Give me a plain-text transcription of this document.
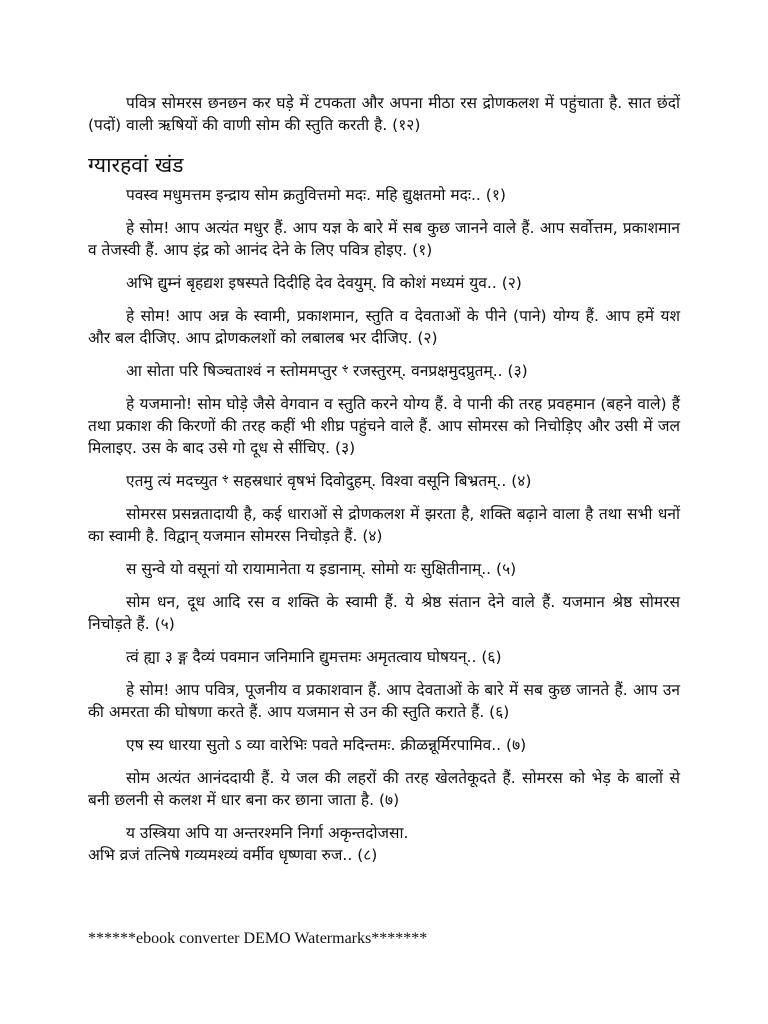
पवित्र सोमरस छनछन कर घड़े में टपकता और अपना मीठा रस द्रोणकलश में पहुंचाता है. सात छंदों (पदों) वाली ऋषियों की वाणी सोम की स्तुति करती है. (१२)

ग्यारहवां खंड

पवस्व मधुमत्तम इन्द्राय सोम क्रतुवित्तमो मदः. महि द्युक्षतमो मदः.. (१)

हे सोम! आप अत्यंत मधुर हैं. आप यज्ञ के बारे में सब कुछ जानने वाले हैं. आप सर्वोत्तम, प्रकाशमान व तेजस्वी हैं. आप इंद्र को आनंद देने के लिए पवित्र होइए. (१)

अभि द्युम्नं बृहद्यश इषस्पते दिदीहि देव देवयुम्. वि कोशं मध्यमं युव.. (२)

हे सोम! आप अन्न के स्वामी, प्रकाशमान, स्तुति व देवताओं के पीने (पाने) योग्य हैं. आप हमें यश और बल दीजिए. आप द्रोणकलशों को लबालब भर दीजिए. (२)

आ सोता परि षिञ्चताश्वं न स्तोममप्तुर ꣳ रजस्तुरम्. वनप्रक्षमुदप्रुतम्.. (३)

हे यजमानो! सोम घोड़े जैसे वेगवान व स्तुति करने योग्य हैं. वे पानी की तरह प्रवहमान (बहने वाले) हैं तथा प्रकाश की किरणों की तरह कहीं भी शीघ्र पहुंचने वाले हैं. आप सोमरस को निचोड़िए और उसी में जल मिलाइए. उस के बाद उसे गो दूध से सींचिए. (३)

एतमु त्यं मदच्युत ꣳ सहस्रधारं वृषभं दिवोदुहम्. विश्वा वसूनि बिभ्रतम्.. (४)

सोमरस प्रसन्नतादायी है, कई धाराओं से द्रोणकलश में झरता है, शक्ति बढ़ाने वाला है तथा सभी धनों का स्वामी है. विद्वान् यजमान सोमरस निचोड़ते हैं. (४)

स सुन्वे यो वसूनां यो रायामानेता य इडानाम्. सोमो यः सुक्षितीनाम्.. (५)

सोम धन, दूध आदि रस व शक्ति के स्वामी हैं. ये श्रेष्ठ संतान देने वाले हैं. यजमान श्रेष्ठ सोमरस निचोड़ते हैं. (५)

त्वं ह्या ३ ङ्ग दैव्यं पवमान जनिमानि द्युमत्तमः अमृतत्वाय घोषयन्.. (६)

हे सोम! आप पवित्र, पूजनीय व प्रकाशवान हैं. आप देवताओं के बारे में सब कुछ जानते हैं. आप उन की अमरता की घोषणा करते हैं. आप यजमान से उन की स्तुति कराते हैं. (६)

एष स्य धारया सुतो ऽ व्या वारेभिः पवते मदिन्तमः. क्रीळन्नूर्मिरपामिव.. (७)

सोम अत्यंत आनंददायी हैं. ये जल की लहरों की तरह खेलतेकूदते हैं. सोमरस को भेड़ के बालों से बनी छलनी से कलश में धार बना कर छाना जाता है. (७)

य उस्त्रिया अपि या अन्तरश्मनि निर्गा अकृन्तदोजसा.
अभि व्रजं तत्निषे गव्यमश्व्यं वर्मीव धृष्णवा रुज.. (८)

******ebook converter DEMO Watermarks*******
